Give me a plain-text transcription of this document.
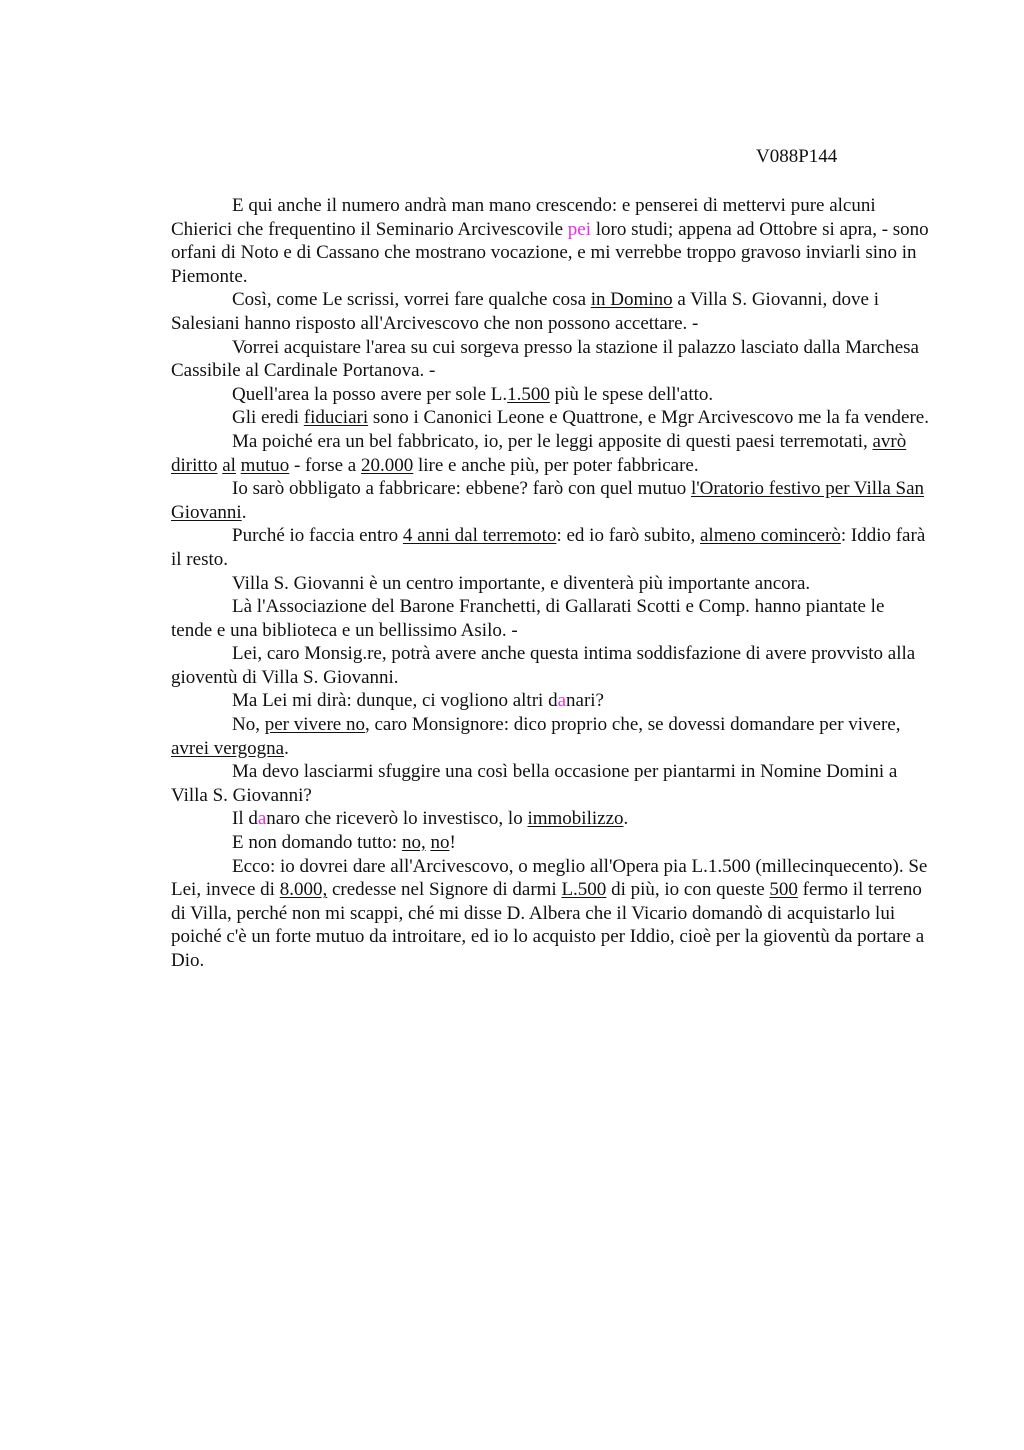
V088P144

E qui anche il numero andrà man mano crescendo: e penserei di mettervi pure alcuni Chierici che frequentino il Seminario Arcivescovile pei loro studi; appena ad Ottobre si apra, - sono orfani di Noto e di Cassano che mostrano vocazione, e mi verrebbe troppo gravoso inviarli sino in Piemonte.

Così, come Le scrissi, vorrei fare qualche cosa in Domino a Villa S. Giovanni, dove i Salesiani hanno risposto all'Arcivescovo che non possono accettare. -

Vorrei acquistare l'area su cui sorgeva presso la stazione il palazzo lasciato dalla Marchesa Cassibile al Cardinale Portanova. -

Quell'area la posso avere per sole L.1.500 più le spese dell'atto.

Gli eredi fiduciari sono i Canonici Leone e Quattrone, e Mgr Arcivescovo me la fa vendere.

Ma poiché era un bel fabbricato, io, per le leggi apposite di questi paesi terremotati, avrò diritto al mutuo - forse a 20.000 lire e anche più, per poter fabbricare.

Io sarò obbligato a fabbricare: ebbene? farò con quel mutuo l'Oratorio festivo per Villa San Giovanni.

Purché io faccia entro 4 anni dal terremoto: ed io farò subito, almeno comincerò: Iddio farà il resto.

Villa S. Giovanni è un centro importante, e diventerà più importante ancora.

Là l'Associazione del Barone Franchetti, di Gallarati Scotti e Comp. hanno piantate le tende e una biblioteca e un bellissimo Asilo. -

Lei, caro Monsig.re, potrà avere anche questa intima soddisfazione di avere provvisto alla gioventù di Villa S. Giovanni.

Ma Lei mi dirà: dunque, ci vogliono altri danari?

No, per vivere no, caro Monsignore: dico proprio che, se dovessi domandare per vivere, avrei vergogna.

Ma devo lasciarmi sfuggire una così bella occasione per piantarmi in Nomine Domini a Villa S. Giovanni?

Il danaro che riceverò lo investisco, lo immobilizzo.

E non domando tutto: no, no!

Ecco: io dovrei dare all'Arcivescovo, o meglio all'Opera pia L.1.500 (millecinquecento). Se Lei, invece di 8.000, credesse nel Signore di darmi L.500 di più, io con queste 500 fermo il terreno di Villa, perché non mi scappi, ché mi disse D. Albera che il Vicario domandò di acquistarlo lui poiché c'è un forte mutuo da introitare, ed io lo acquisto per Iddio, cioè per la gioventù da portare a Dio.
